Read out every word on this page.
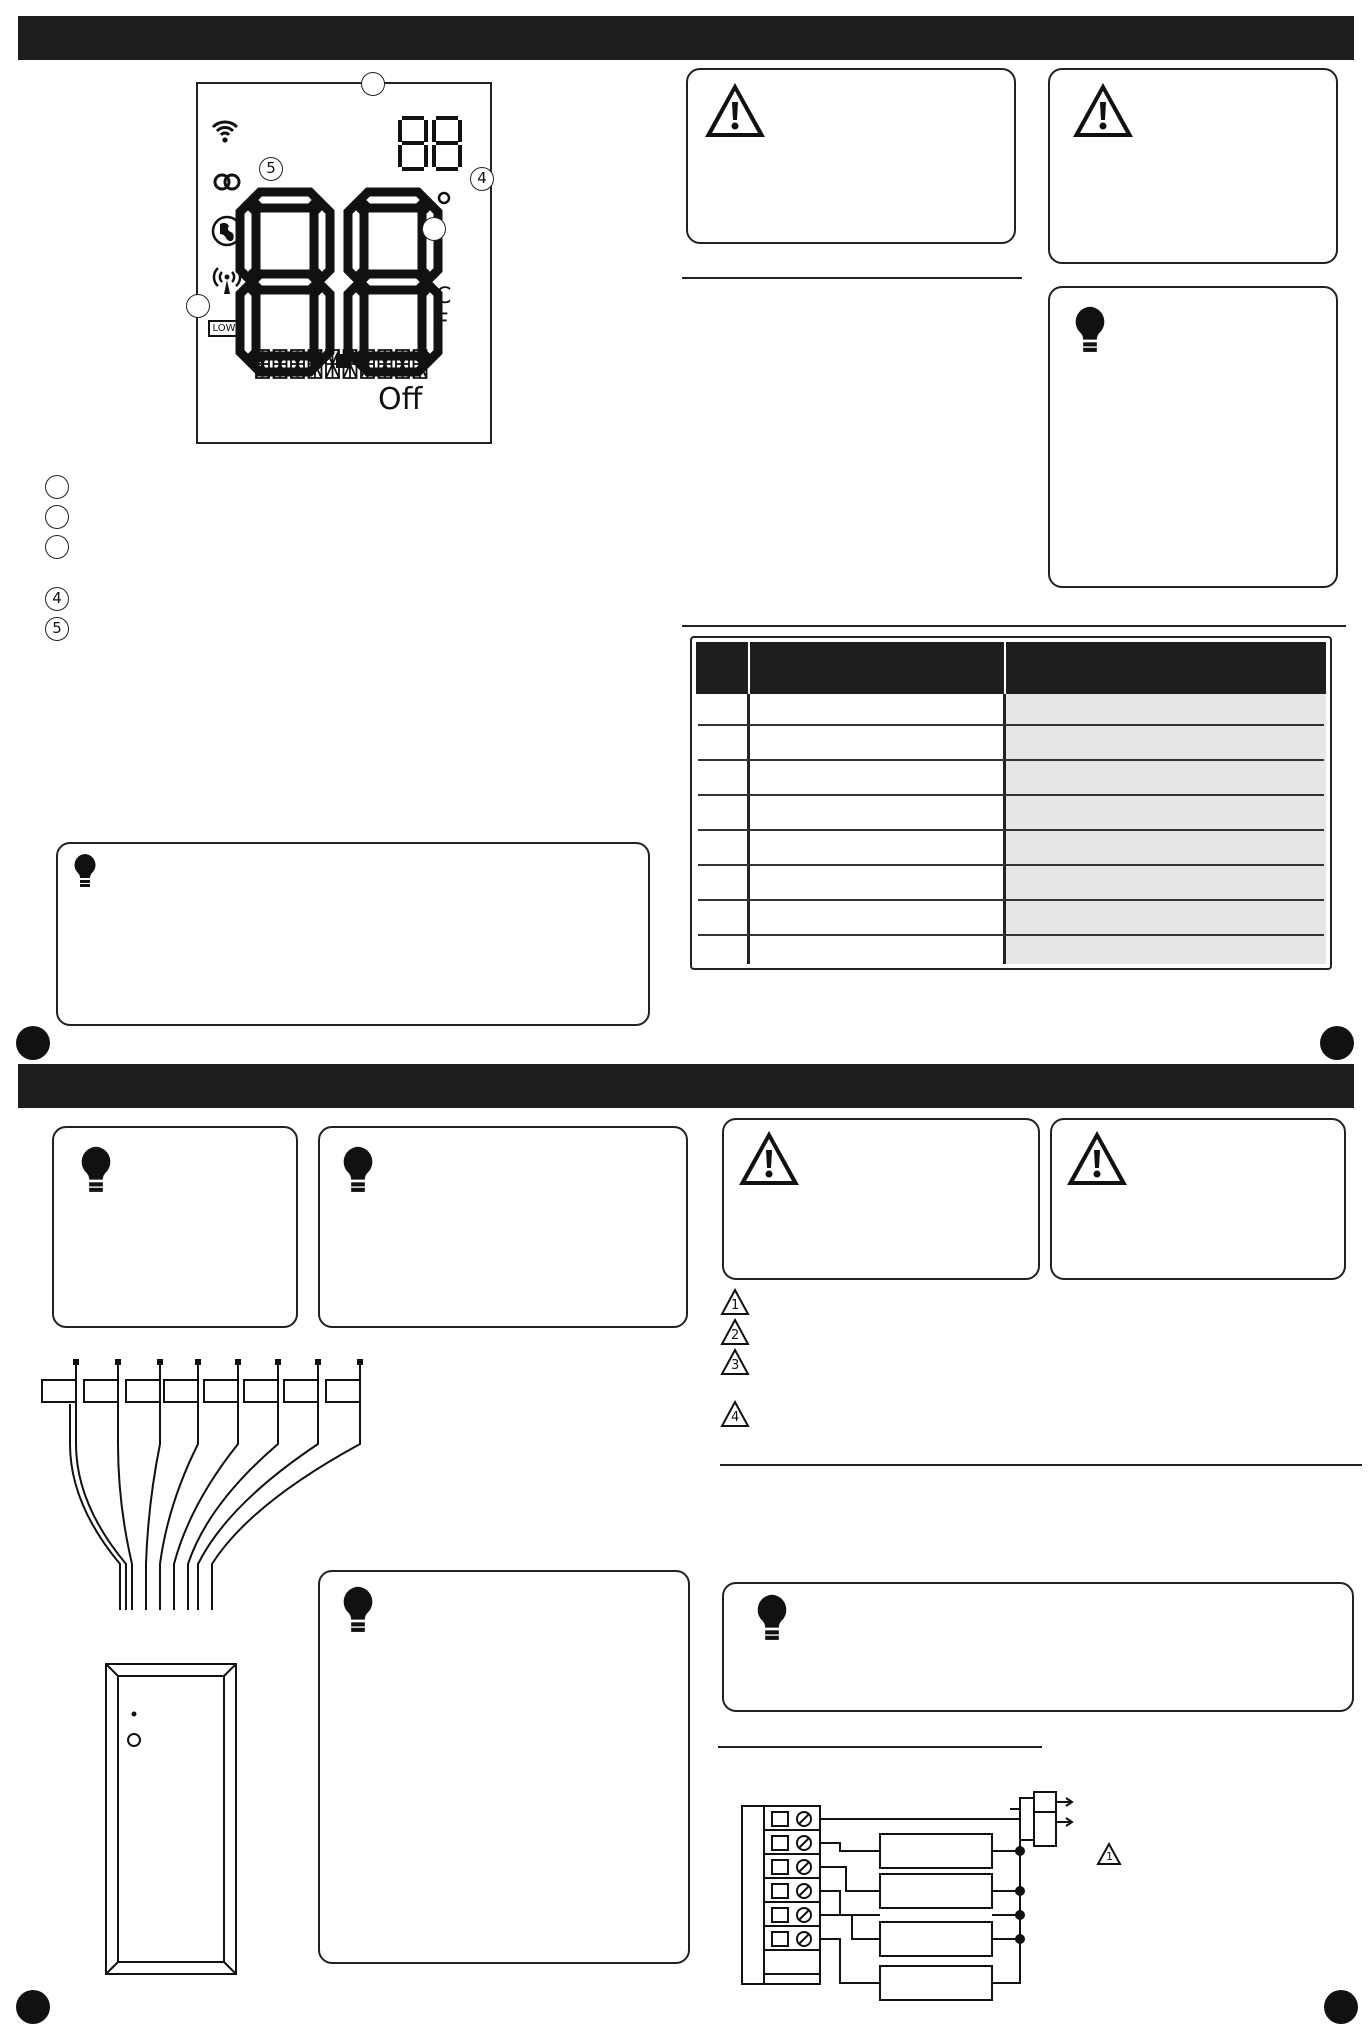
LOW
C
F
Off
5
4
4
5
1
2
3
4
1
